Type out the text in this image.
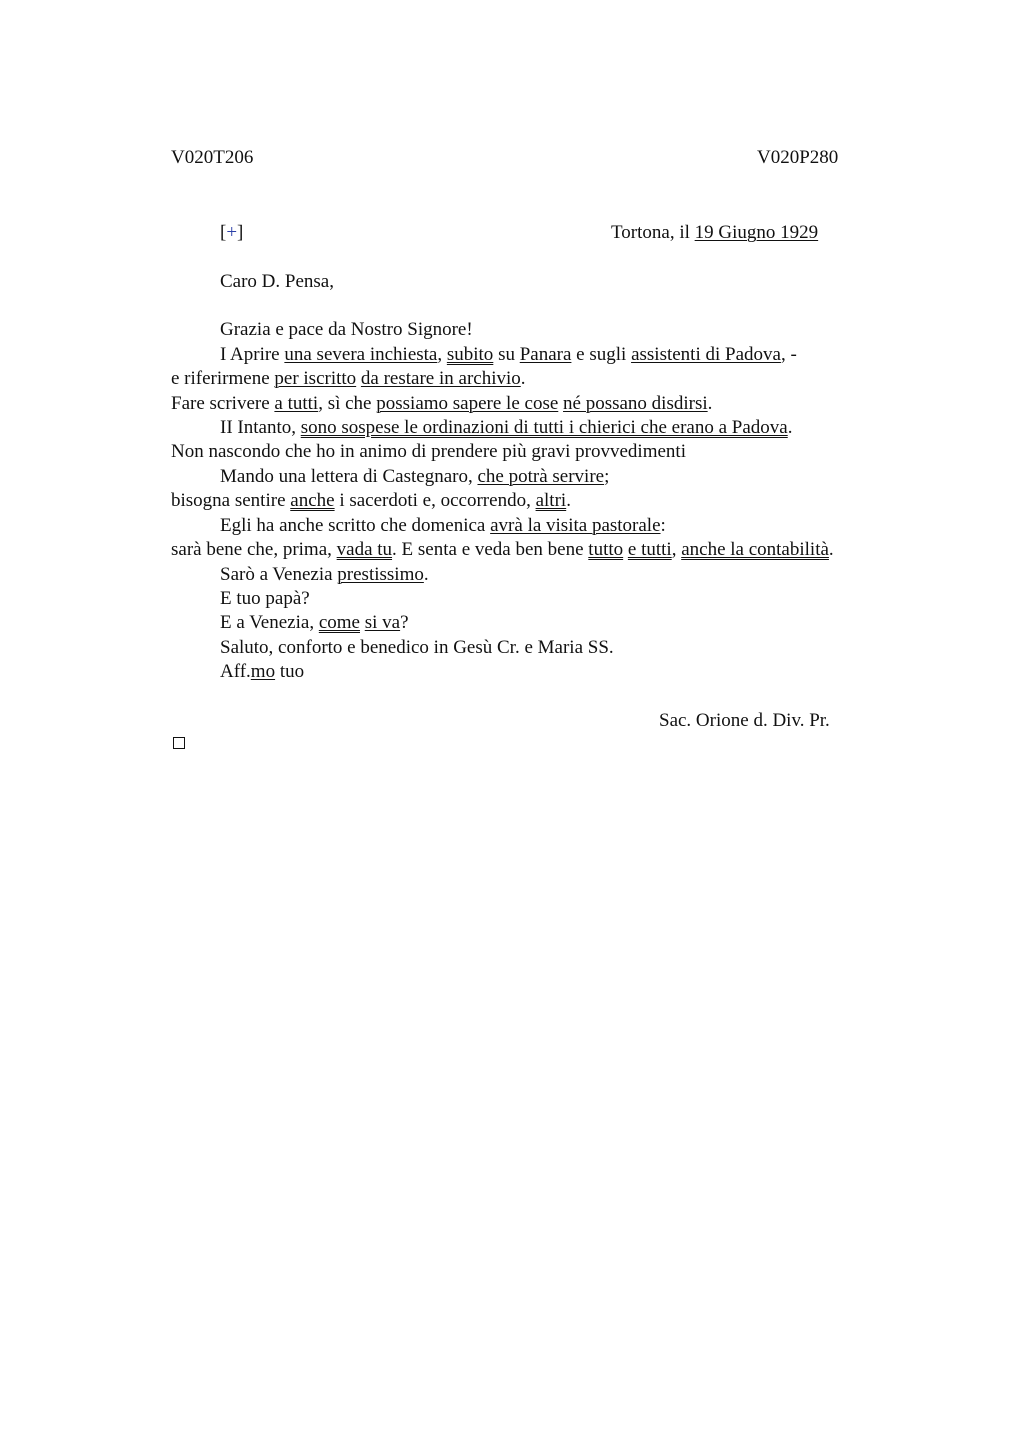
V020T206	V020P280
[+]	Tortona, il 19 Giugno 1929
Caro D. Pensa,
Grazia e pace da Nostro Signore!
I Aprire una severa inchiesta, subito su Panara e sugli assistenti di Padova, -
e riferirmene per iscritto da restare in archivio.
Fare scrivere a tutti, sì che possiamo sapere le cose né possano disdirsi.
II Intanto, sono sospese le ordinazioni di tutti i chierici che erano a Padova.
Non nascondo che ho in animo di prendere più gravi provvedimenti
Mando una lettera di Castegnaro, che potrà servire;
bisogna sentire anche i sacerdoti e, occorrendo, altri.
Egli ha anche scritto che domenica avrà la visita pastorale:
sarà bene che, prima, vada tu. E senta e veda ben bene tutto e tutti, anche la contabilità.
Sarò a Venezia prestissimo.
E tuo papà?
E a Venezia, come si va?
Saluto, conforto e benedico in Gesù Cr. e Maria SS.
Aff.mo tuo
Sac. Orione d. Div. Pr.
